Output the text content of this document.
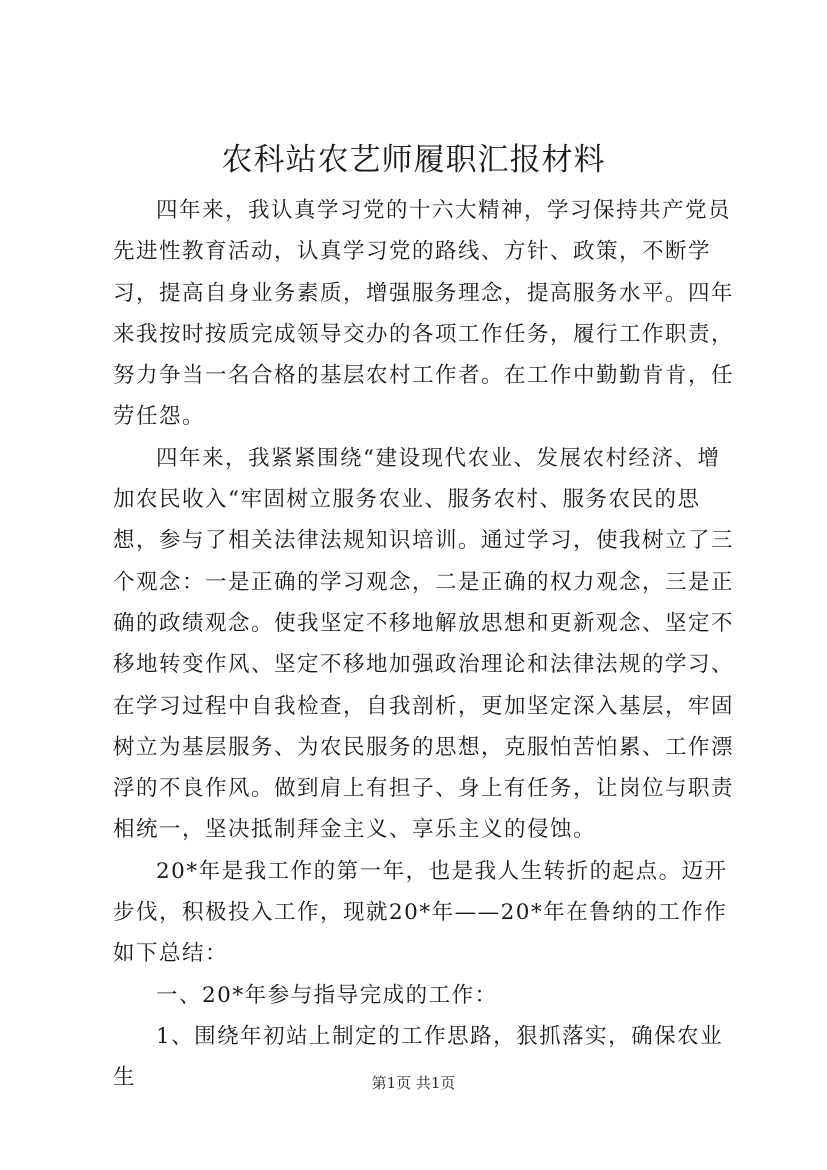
农科站农艺师履职汇报材料

四年来，我认真学习党的十六大精神，学习保持共产党员先进性教育活动，认真学习党的路线、方针、政策，不断学习，提高自身业务素质，增强服务理念，提高服务水平。四年来我按时按质完成领导交办的各项工作任务，履行工作职责，努力争当一名合格的基层农村工作者。在工作中勤勤肯肯，任劳任怨。

四年来，我紧紧围绕“建设现代农业、发展农村经济、增加农民收入“牢固树立服务农业、服务农村、服务农民的思想，参与了相关法律法规知识培训。通过学习，使我树立了三个观念：一是正确的学习观念，二是正确的权力观念，三是正确的政绩观念。使我坚定不移地解放思想和更新观念、坚定不移地转变作风、坚定不移地加强政治理论和法律法规的学习、在学习过程中自我检查，自我剖析，更加坚定深入基层，牢固树立为基层服务、为农民服务的思想，克服怕苦怕累、工作漂浮的不良作风。做到肩上有担子、身上有任务，让岗位与职责相统一，坚决抵制拜金主义、享乐主义的侵蚀。

20*年是我工作的第一年，也是我人生转折的起点。迈开步伐，积极投入工作，现就20*年——20*年在鲁纳的工作作如下总结：

一、20*年参与指导完成的工作：

1、围绕年初站上制定的工作思路，狠抓落实，确保农业生	第1页 共1页
